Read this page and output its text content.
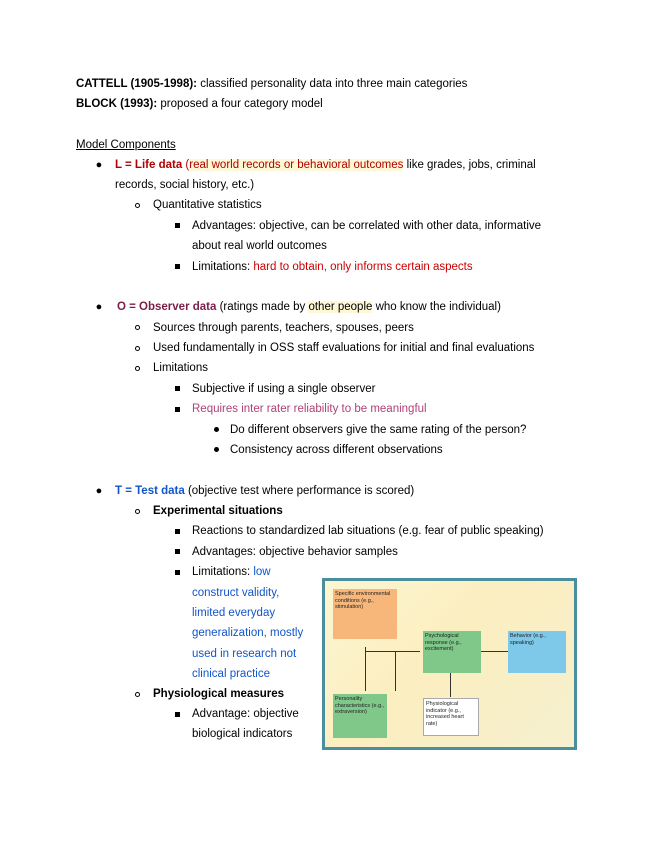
CATTELL (1905-1998): classified personality data into three main categories
BLOCK (1993): proposed a four category model
Model Components
● L = Life data (real world records or behavioral outcomes like grades, jobs, criminal
records, social history, etc.)
Quantitative statistics
Advantages: objective, can be correlated with other data, informative
about real world outcomes
Limitations: hard to obtain, only informs certain aspects
● O = Observer data (ratings made by other people who know the individual)
Sources through parents, teachers, spouses, peers
Used fundamentally in OSS staff evaluations for initial and final evaluations
Limitations
Subjective if using a single observer
Requires inter rater reliability to be meaningful
Do different observers give the same rating of the person?
Consistency across different observations
● T = Test data (objective test where performance is scored)
Experimental situations
Reactions to standardized lab situations (e.g. fear of public speaking)
Advantages: objective behavior samples
Limitations: low
construct validity,
limited everyday
generalization, mostly
used in research not
clinical practice
Physiological measures
Advantage: objective
biological indicators
Specific environmental conditions (e.g., stimulation)
Psychological response (e.g., excitement)
Behavior (e.g., speaking)
Personality characteristics (e.g., extraversion)
Physiological indicator (e.g., increased heart rate)
